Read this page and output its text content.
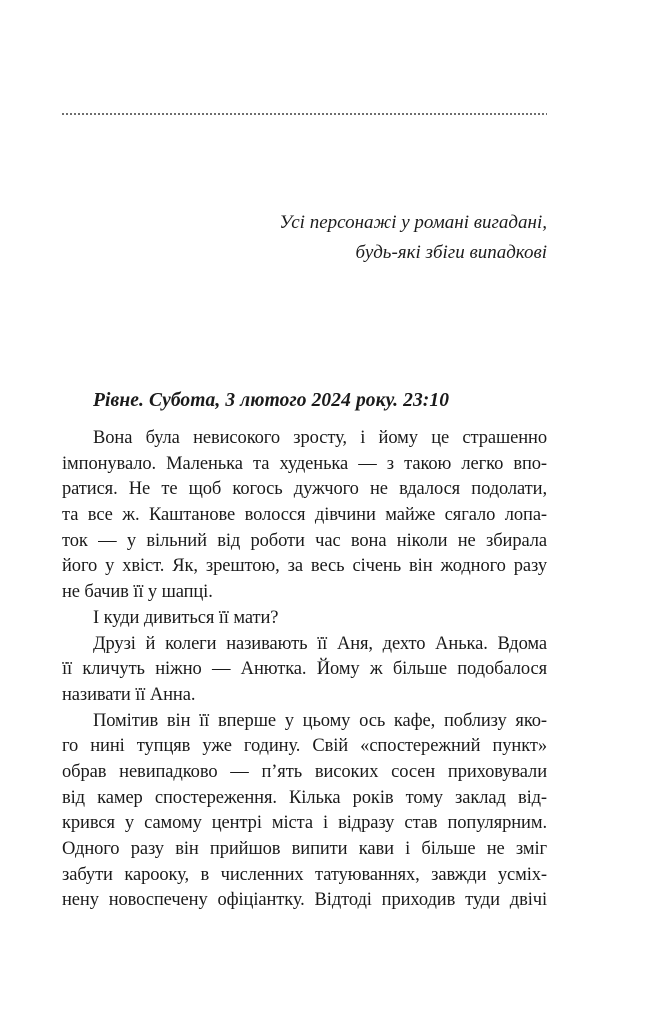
Усі персонажі у романі вигадані,
будь-які збіги випадкові
Рівне. Субота, 3 лютого 2024 року. 23:10
Вона була невисокого зросту, і йому це страшенно
імпонувало. Маленька та худенька — з такою легко впо-
ратися. Не те щоб когось дужчого не вдалося подолати,
та все ж. Каштанове волосся дівчини майже сягало лопа-
ток — у вільний від роботи час вона ніколи не збирала
його у хвіст. Як, зрештою, за весь січень він жодного разу
не бачив її у шапці.
І куди дивиться її мати?
Друзі й колеги називають її Аня, дехто Анька. Вдома
її кличуть ніжно — Анютка. Йому ж більше подобалося
називати її Анна.
Помітив він її вперше у цьому ось кафе, поблизу яко-
го нині тупцяв уже годину. Свій «спостережний пункт»
обрав невипадково — п’ять високих сосен приховували
від камер спостереження. Кілька років тому заклад від-
крився у самому центрі міста і відразу став популярним.
Одного разу він прийшов випити кави і більше не зміг
забути карооку, в численних татуюваннях, завжди усміх-
нену новоспечену офіціантку. Відтоді приходив туди двічі
